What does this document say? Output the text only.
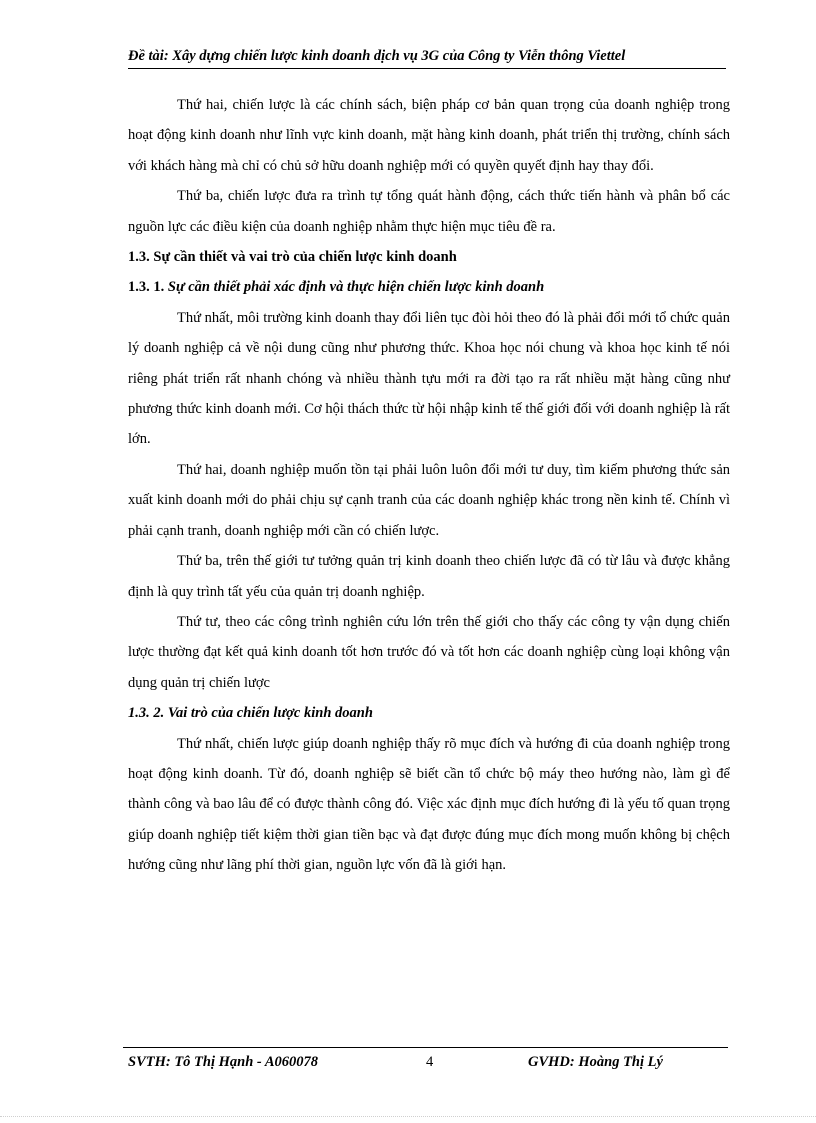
Đề tài: Xây dựng chiến lược kinh doanh dịch vụ 3G của Công ty Viễn thông Viettel

Thứ hai, chiến lược là các chính sách, biện pháp cơ bản quan trọng của doanh nghiệp trong hoạt động kinh doanh như lĩnh vực kinh doanh, mặt hàng kinh doanh, phát triển thị trường, chính sách với khách hàng mà chỉ có chủ sở hữu doanh nghiệp mới có quyền quyết định hay thay đổi.

Thứ ba, chiến lược đưa ra trình tự tổng quát hành động, cách thức tiến hành và phân bổ các nguồn lực các điều kiện của doanh nghiệp nhằm thực hiện mục tiêu đề ra.

1.3. Sự cần thiết và vai trò của chiến lược kinh doanh

1.3. 1. Sự cần thiết phải xác định và thực hiện chiến lược kinh doanh

Thứ nhất, môi trường kinh doanh thay đổi liên tục đòi hỏi theo đó là phải đổi mới tổ chức quản lý doanh nghiệp cả về nội dung cũng như phương thức. Khoa học nói chung và khoa học kinh tế nói riêng phát triển rất nhanh chóng và nhiều thành tựu mới ra đời tạo ra rất nhiều mặt hàng cũng như phương thức kinh doanh mới. Cơ hội thách thức từ hội nhập kinh tế thế giới đối với doanh nghiệp là rất lớn.

Thứ hai, doanh nghiệp muốn tồn tại phải luôn luôn đổi mới tư duy, tìm kiếm phương thức sản xuất kinh doanh mới do phải chịu sự cạnh tranh của các doanh nghiệp khác trong nền kinh tế. Chính vì phải cạnh tranh, doanh nghiệp mới cần có chiến lược.

Thứ ba, trên thế giới tư tưởng quản trị kinh doanh theo chiến lược đã có từ lâu và được khẳng định là quy trình tất yếu của quản trị doanh nghiệp.

Thứ tư, theo các công trình nghiên cứu lớn trên thế giới cho thấy các công ty vận dụng chiến lược thường đạt kết quả kinh doanh tốt hơn trước đó và tốt hơn các doanh nghiệp cùng loại không vận dụng quản trị chiến lược

1.3. 2. Vai trò của chiến lược kinh doanh

Thứ nhất, chiến lược giúp doanh nghiệp thấy rõ mục đích và hướng đi của doanh nghiệp trong hoạt động kinh doanh. Từ đó, doanh nghiệp sẽ biết cần tổ chức bộ máy theo hướng nào, làm gì để thành công và bao lâu để có được thành công đó. Việc xác định mục đích hướng đi là yếu tố quan trọng giúp doanh nghiệp tiết kiệm thời gian tiền bạc và đạt được đúng mục đích mong muốn không bị chệch hướng cũng như lãng phí thời gian, nguồn lực vốn đã là giới hạn.

SVTH: Tô Thị Hạnh - A060078	4	GVHD: Hoàng Thị Lý
